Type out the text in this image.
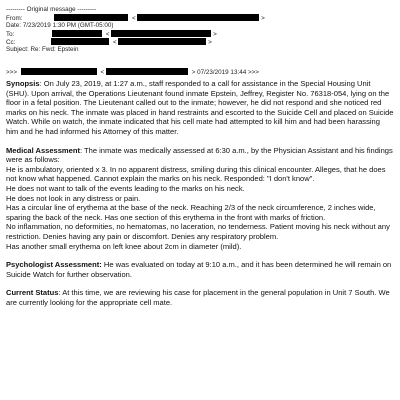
--------- Original message ---------
From:	<	>
Date: 7/23/2019 1:30 PM (GMT-05:00)
To:	<	>
Cc:	<	>
Subject: Re: Fwd: Epstein
>>>	<	> 07/23/2019 13:44 >>>

Synopsis: On July 23, 2019, at 1:27 a.m., staff responded to a call for assistance in the Special Housing Unit (SHU). Upon arrival, the Operations Lieutenant found inmate Epstein, Jeffrey, Register No. 76318-054, lying on the floor in a fetal position. The Lieutenant called out to the inmate; however, he did not respond and she noticed red marks on his neck. The inmate was placed in hand restraints and escorted to the Suicide Cell and placed on Suicide Watch. While on watch, the inmate indicated that his cell mate had attempted to kill him and had been harassing him and he had informed his Attorney of this matter.

Medical Assessment: The inmate was medically assessed at 6:30 a.m., by the Physician Assistant and his findings were as follows:

He is ambulatory, oriented x 3. In no apparent distress, smiling during this clinical encounter. Alleges, that he does not know what happened. Cannot explain the marks on his neck. Responded: "I don't know".

He does not want to talk of the events leading to the marks on his neck.

He does not look in any distress or pain.

Has a circular line of erythema at the base of the neck. Reaching 2/3 of the neck circumference, 2 inches wide, sparing the back of the neck. Has one section of this erythema in the front with marks of friction.

No inflammation, no deformities, no hematomas, no laceration, no tenderness. Patient moving his neck without any restriction. Denies having any pain or discomfort. Denies any respiratory problem.

Has another small erythema on left knee about 2cm in diameter (mild).

Psychologist Assessment: He was evaluated on today at 9:10 a.m., and it has been determined he will remain on Suicide Watch for further observation.

Current Status: At this time, we are reviewing his case for placement in the general population in Unit 7 South. We are currently looking for the appropriate cell mate.
